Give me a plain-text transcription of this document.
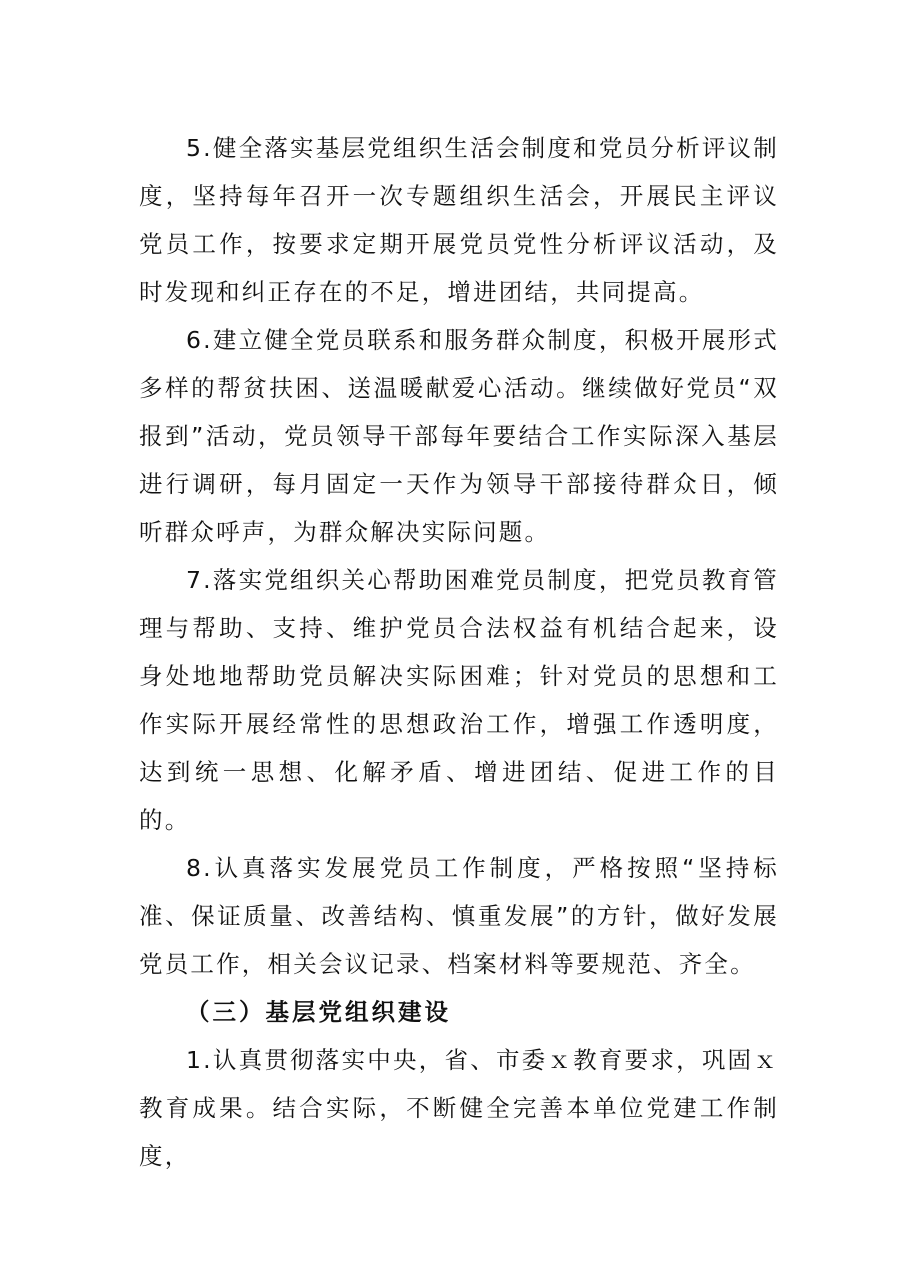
5.健全落实基层党组织生活会制度和党员分析评议制度，坚持每年召开一次专题组织生活会，开展民主评议党员工作，按要求定期开展党员党性分析评议活动，及时发现和纠正存在的不足，增进团结，共同提高。

6.建立健全党员联系和服务群众制度，积极开展形式多样的帮贫扶困、送温暖献爱心活动。继续做好党员“双报到”活动，党员领导干部每年要结合工作实际深入基层进行调研，每月固定一天作为领导干部接待群众日，倾听群众呼声，为群众解决实际问题。

7.落实党组织关心帮助困难党员制度，把党员教育管理与帮助、支持、维护党员合法权益有机结合起来，设身处地地帮助党员解决实际困难；针对党员的思想和工作实际开展经常性的思想政治工作，增强工作透明度，达到统一思想、化解矛盾、增进团结、促进工作的目的。

8.认真落实发展党员工作制度，严格按照“坚持标准、保证质量、改善结构、慎重发展”的方针，做好发展党员工作，相关会议记录、档案材料等要规范、齐全。

（三）基层党组织建设

1.认真贯彻落实中央，省、市委ｘ教育要求，巩固ｘ教育成果。结合实际，不断健全完善本单位党建工作制度，
